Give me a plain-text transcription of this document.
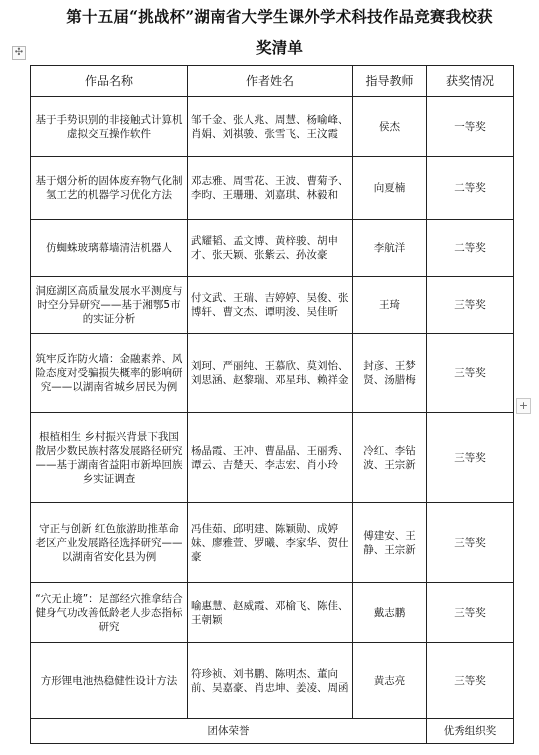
第十五届“挑战杯”湖南省大学生课外学术科技作品竞赛我校获
奖清单
✣
作品名称	作者姓名	指导教师	获奖情况
基于手势识别的非接触式计算机虚拟交互操作软件	邹千金、张人兆、周慧、杨喻峰、肖娟、刘祺骏、张雪飞、王汶霞	侯杰	一等奖
基于烟分析的固体废弃物气化制氢工艺的机器学习优化方法	邓志雅、周雪花、王波、曹菊予、李昀、王珊珊、刘嘉琪、林毅和	向夏楠	二等奖
仿蜘蛛玻璃幕墙清洁机器人	武耀韬、孟文博、黄梓骏、胡申才、张天颖、张紫云、孙汝豪	李航洋	二等奖
洞庭湖区高质量发展水平测度与时空分异研究——基于湘鄂5市的实证分析	付文武、王瑞、吉婷婷、吴俊、张博轩、曹文杰、谭明浚、吴佳昕	王琦	三等奖
筑牢反诈防火墙：金融素养、风险态度对受骗损失概率的影响研究——以湖南省城乡居民为例	刘珂、严丽纯、王慕欣、莫刘怡、刘思涵、赵黎瑞、邓星玮、赖祥金	封彦、王梦贤、汤腊梅	三等奖
根植相生 乡村振兴背景下我国散居少数民族村落发展路径研究——基于湖南省益阳市新埠回族乡实证调查	杨晶霞、王冲、曹晶晶、王丽秀、谭云、吉楚天、李志宏、肖小玲	冷红、李钻波、王宗新	三等奖
守正与创新 红色旅游助推革命老区产业发展路径选择研究——以湖南省安化县为例	冯佳茹、邱明建、陈颖勋、成婷妹、廖雅萱、罗曦、李家华、贺仕豪	傅建安、王静、王宗新	三等奖
“穴无止境”：足部经穴推拿结合健身气功改善低龄老人步态指标研究	喻惠慧、赵威霞、邓榆飞、陈佳、王朝颖	戴志鹏	三等奖
方形锂电池热稳健性设计方法	符珍祯、刘书鹏、陈明杰、董向前、吴嘉豪、肖忠坤、姜凌、周函	黄志亮	三等奖
团体荣誉			优秀组织奖
+
